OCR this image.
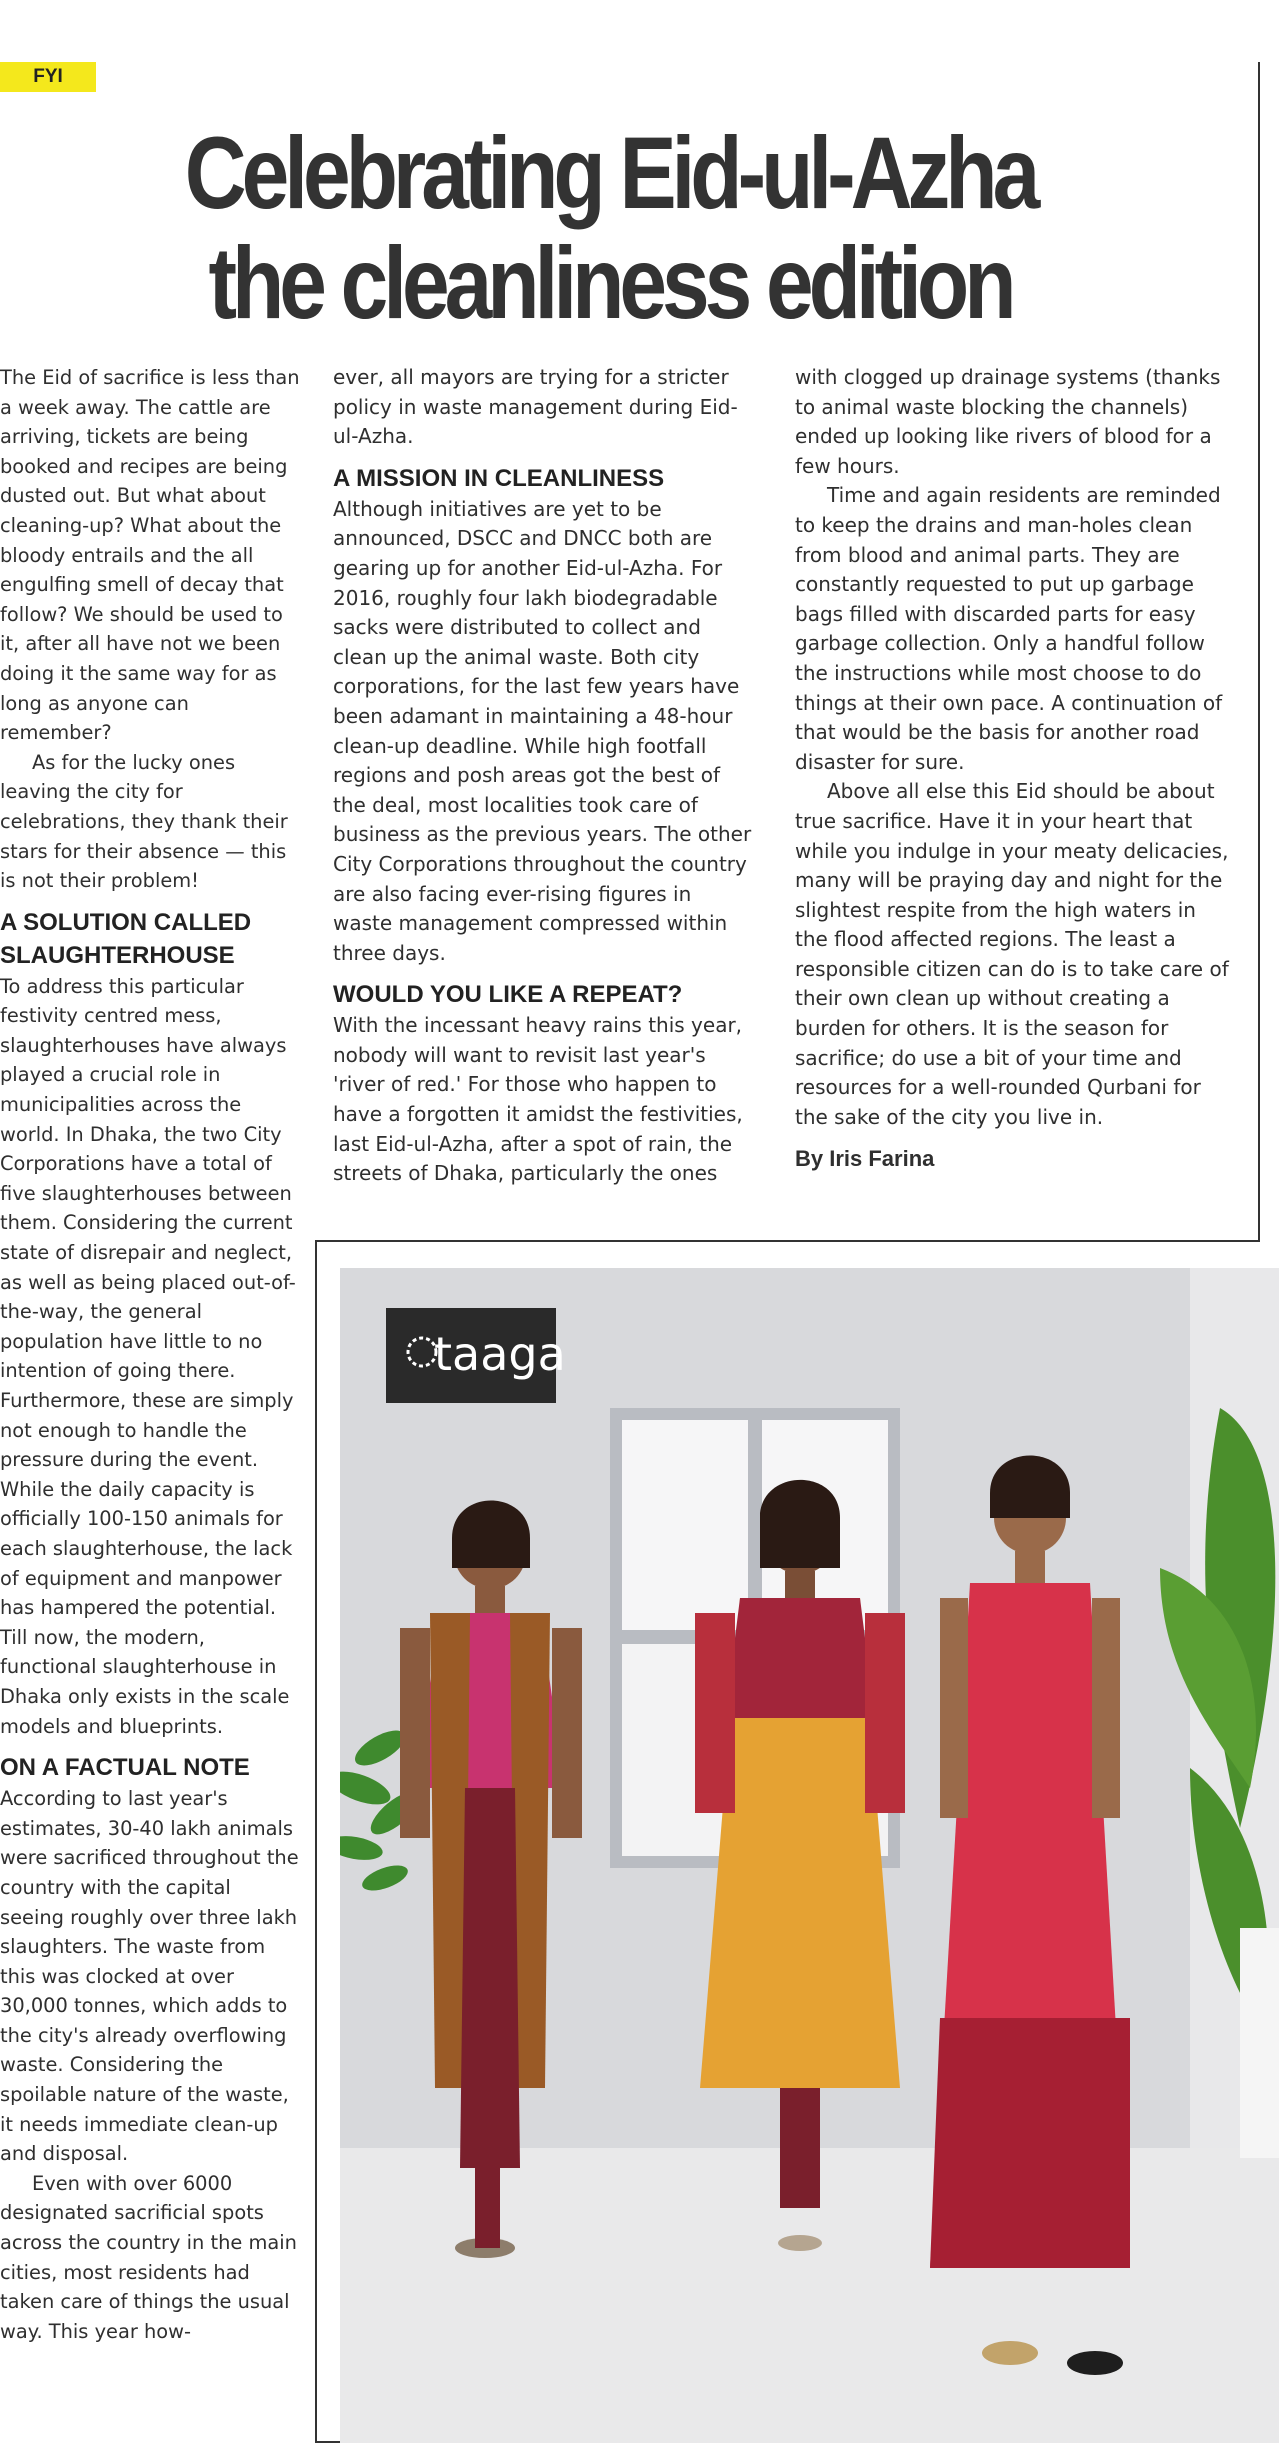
FYI
Celebrating Eid-ul-Azha the cleanliness edition

The Eid of sacrifice is less than a week away. The cattle are arriving, tickets are being booked and recipes are being dusted out. But what about cleaning-up? What about the bloody entrails and the all engulfing smell of decay that follow? We should be used to it, after all have not we been doing it the same way for as long as anyone can remember?

As for the lucky ones leaving the city for celebrations, they thank their stars for their absence — this is not their problem!

A SOLUTION CALLED SLAUGHTERHOUSE

To address this particular festivity centred mess, slaughterhouses have always played a crucial role in municipalities across the world. In Dhaka, the two City Corporations have a total of five slaughterhouses between them. Considering the current state of disrepair and neglect, as well as being placed out-of-the-way, the general population have little to no intention of going there. Furthermore, these are simply not enough to handle the pressure during the event. While the daily capacity is officially 100-150 animals for each slaughterhouse, the lack of equipment and manpower has hampered the potential. Till now, the modern, functional slaughterhouse in Dhaka only exists in the scale models and blueprints.

ON A FACTUAL NOTE

According to last year's estimates, 30-40 lakh animals were sacrificed throughout the country with the capital seeing roughly over three lakh slaughters. The waste from this was clocked at over 30,000 tonnes, which adds to the city's already overflowing waste. Considering the spoilable nature of the waste, it needs immediate clean-up and disposal.

Even with over 6000 designated sacrificial spots across the country in the main cities, most residents had taken care of things the usual way. This year how-

ever, all mayors are trying for a stricter policy in waste management during Eid-ul-Azha.

A MISSION IN CLEANLINESS

Although initiatives are yet to be announced, DSCC and DNCC both are gearing up for another Eid-ul-Azha. For 2016, roughly four lakh biodegradable sacks were distributed to collect and clean up the animal waste. Both city corporations, for the last few years have been adamant in maintaining a 48-hour clean-up deadline. While high footfall regions and posh areas got the best of the deal, most localities took care of business as the previous years. The other City Corporations throughout the country are also facing ever-rising figures in waste management compressed within three days.

WOULD YOU LIKE A REPEAT?

With the incessant heavy rains this year, nobody will want to revisit last year's 'river of red.' For those who happen to have a forgotten it amidst the festivities, last Eid-ul-Azha, after a spot of rain, the streets of Dhaka, particularly the ones

with clogged up drainage systems (thanks to animal waste blocking the channels) ended up looking like rivers of blood for a few hours.

Time and again residents are reminded to keep the drains and man-holes clean from blood and animal parts. They are constantly requested to put up garbage bags filled with discarded parts for easy garbage collection. Only a handful follow the instructions while most choose to do things at their own pace. A continuation of that would be the basis for another road disaster for sure.

Above all else this Eid should be about true sacrifice. Have it in your heart that while you indulge in your meaty delicacies, many will be praying day and night for the slightest respite from the high waters in the flood affected regions. The least a responsible citizen can do is to take care of their own clean up without creating a burden for others. It is the season for sacrifice; do use a bit of your time and resources for a well-rounded Qurbani for the sake of the city you live in.

By Iris Farina

taaga
